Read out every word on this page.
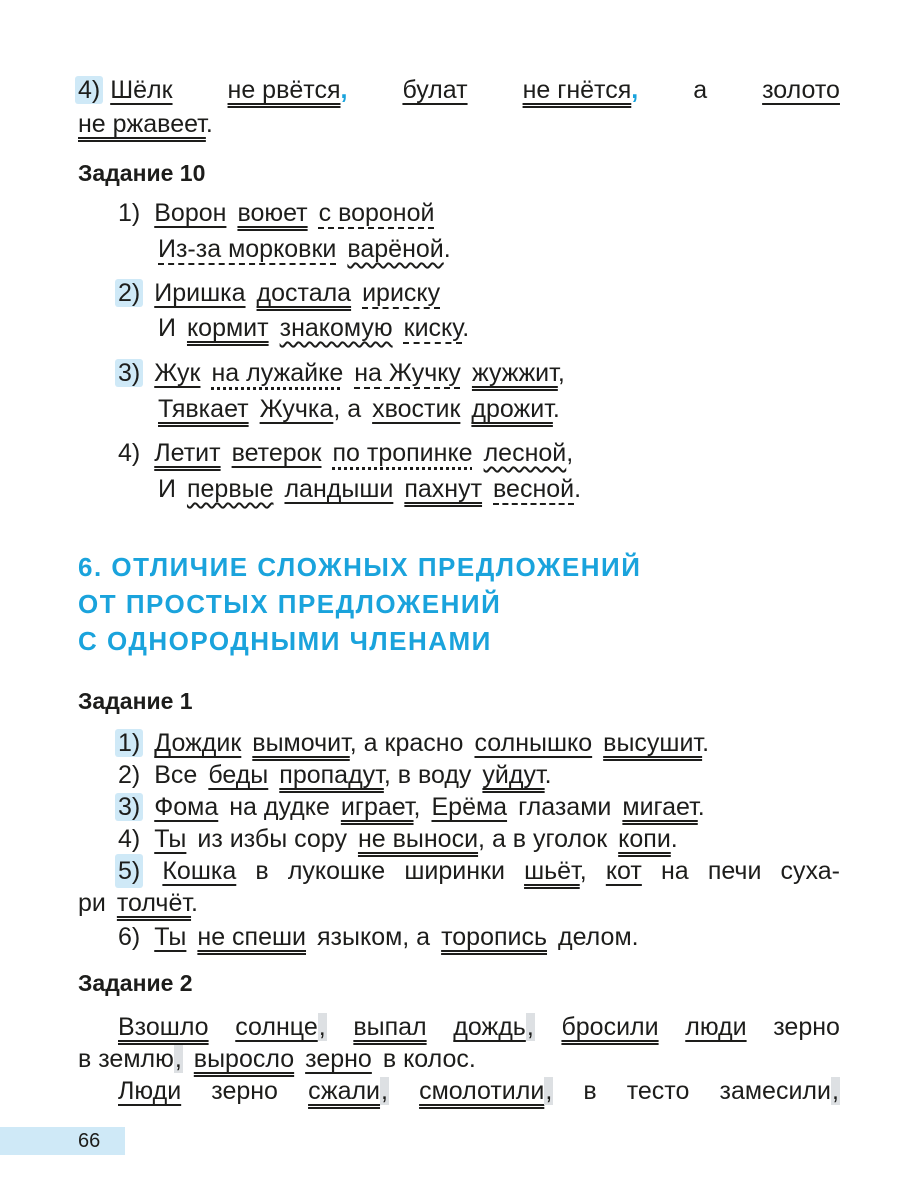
4) Шёлк не рвётся, булат не гнётся, а золото
не ржавеет.
Задание 10
1) Ворон воюет с вороной
Из-за морковки варёной.
2) Иришка достала ириску
И кормит знакомую киску.
3) Жук на лужайке на Жучку жужжит,
Тявкает Жучка, а хвостик дрожит.
4) Летит ветерок по тропинке лесной,
И первые ландыши пахнут весной.
6. ОТЛИЧИЕ СЛОЖНЫХ ПРЕДЛОЖЕНИЙ
ОТ ПРОСТЫХ ПРЕДЛОЖЕНИЙ
С ОДНОРОДНЫМИ ЧЛЕНАМИ
Задание 1
1) Дождик вымочит, а красно солнышко высушит.
2) Все беды пропадут, в воду уйдут.
3) Фома на дудке играет, Ерёма глазами мигает.
4) Ты из избы сору не выноси, а в уголок копи.
5) Кошка в лукошке ширинки шьёт, кот на печи суха-
ри толчёт.
6) Ты не спеши языком, а торопись делом.
Задание 2
Взошло солнце, выпал дождь, бросили люди зерно
в землю, выросло зерно в колос.
Люди зерно сжали, смолотили, в тесто замесили,
66
